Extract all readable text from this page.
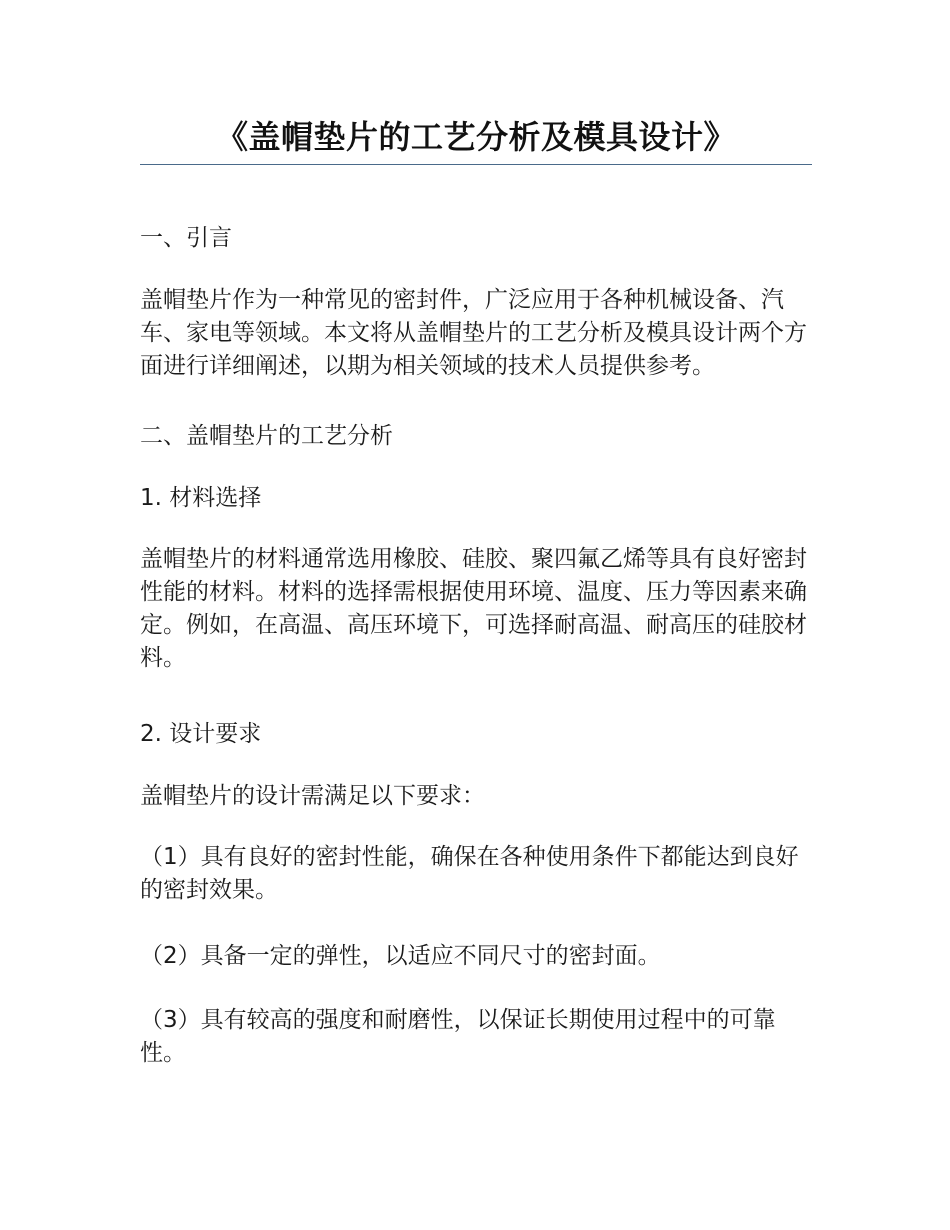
《盖帽垫片的工艺分析及模具设计》
一、引言

盖帽垫片作为一种常见的密封件，广泛应用于各种机械设备、汽车、家电等领域。本文将从盖帽垫片的工艺分析及模具设计两个方面进行详细阐述，以期为相关领域的技术人员提供参考。

二、盖帽垫片的工艺分析
1. 材料选择

盖帽垫片的材料通常选用橡胶、硅胶、聚四氟乙烯等具有良好密封性能的材料。材料的选择需根据使用环境、温度、压力等因素来确定。例如，在高温、高压环境下，可选择耐高温、耐高压的硅胶材料。

2. 设计要求

盖帽垫片的设计需满足以下要求：

（1）具有良好的密封性能，确保在各种使用条件下都能达到良好的密封效果。

（2）具备一定的弹性，以适应不同尺寸的密封面。

（3）具有较高的强度和耐磨性，以保证长期使用过程中的可靠性。
